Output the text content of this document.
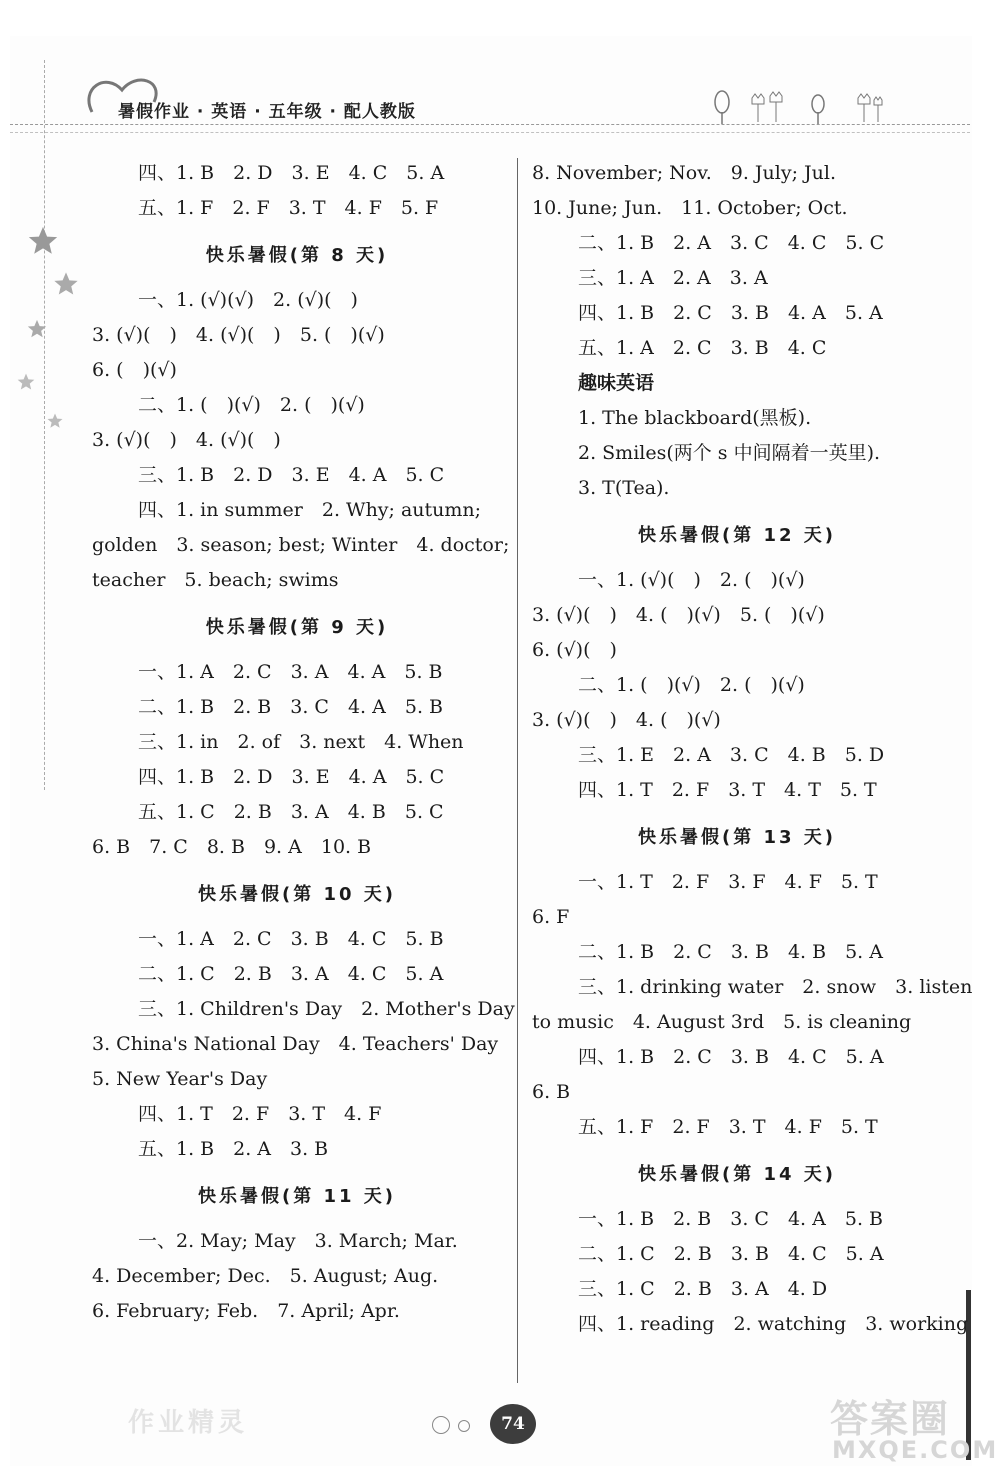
暑假作业 · 英语 · 五年级 · 配人教版
四、1. B　2. D　3. E　4. C　5. A
五、1. F　2. F　3. T　4. F　5. F
快乐暑假(第 8 天)
一、1. (√)(√)　2. (√)(　)
3. (√)(　)　4. (√)(　)　5. (　)(√)
6. (　)(√)
二、1. (　)(√)　2. (　)(√)
3. (√)(　)　4. (√)(　)
三、1. B　2. D　3. E　4. A　5. C
四、1. in summer　2. Why; autumn;
golden　3. season; best; Winter　4. doctor;
teacher　5. beach; swims
快乐暑假(第 9 天)
一、1. A　2. C　3. A　4. A　5. B
二、1. B　2. B　3. C　4. A　5. B
三、1. in　2. of　3. next　4. When
四、1. B　2. D　3. E　4. A　5. C
五、1. C　2. B　3. A　4. B　5. C
6. B　7. C　8. B　9. A　10. B
快乐暑假(第 10 天)
一、1. A　2. C　3. B　4. C　5. B
二、1. C　2. B　3. A　4. C　5. A
三、1. Children's Day　2. Mother's Day
3. China's National Day　4. Teachers' Day
5. New Year's Day
四、1. T　2. F　3. T　4. F
五、1. B　2. A　3. B
快乐暑假(第 11 天)
一、2. May; May　3. March; Mar.
4. December; Dec.　5. August; Aug.
6. February; Feb.　7. April; Apr.
8. November; Nov.　9. July; Jul.
10. June; Jun.　11. October; Oct.
二、1. B　2. A　3. C　4. C　5. C
三、1. A　2. A　3. A
四、1. B　2. C　3. B　4. A　5. A
五、1. A　2. C　3. B　4. C
趣味英语
1. The blackboard(黑板).
2. Smiles(两个 s 中间隔着一英里).
3. T(Tea).
快乐暑假(第 12 天)
一、1. (√)(　)　2. (　)(√)
3. (√)(　)　4. (　)(√)　5. (　)(√)
6. (√)(　)
二、1. (　)(√)　2. (　)(√)
3. (√)(　)　4. (　)(√)
三、1. E　2. A　3. C　4. B　5. D
四、1. T　2. F　3. T　4. T　5. T
快乐暑假(第 13 天)
一、1. T　2. F　3. F　4. F　5. T
6. F
二、1. B　2. C　3. B　4. B　5. A
三、1. drinking water　2. snow　3. listen
to music　4. August 3rd　5. is cleaning
四、1. B　2. C　3. B　4. C　5. A
6. B
五、1. F　2. F　3. T　4. F　5. T
快乐暑假(第 14 天)
一、1. B　2. B　3. C　4. A　5. B
二、1. C　2. B　3. B　4. C　5. A
三、1. C　2. B　3. A　4. D
四、1. reading　2. watching　3. working
74
作业精灵	答案圈
MXQE.COM
